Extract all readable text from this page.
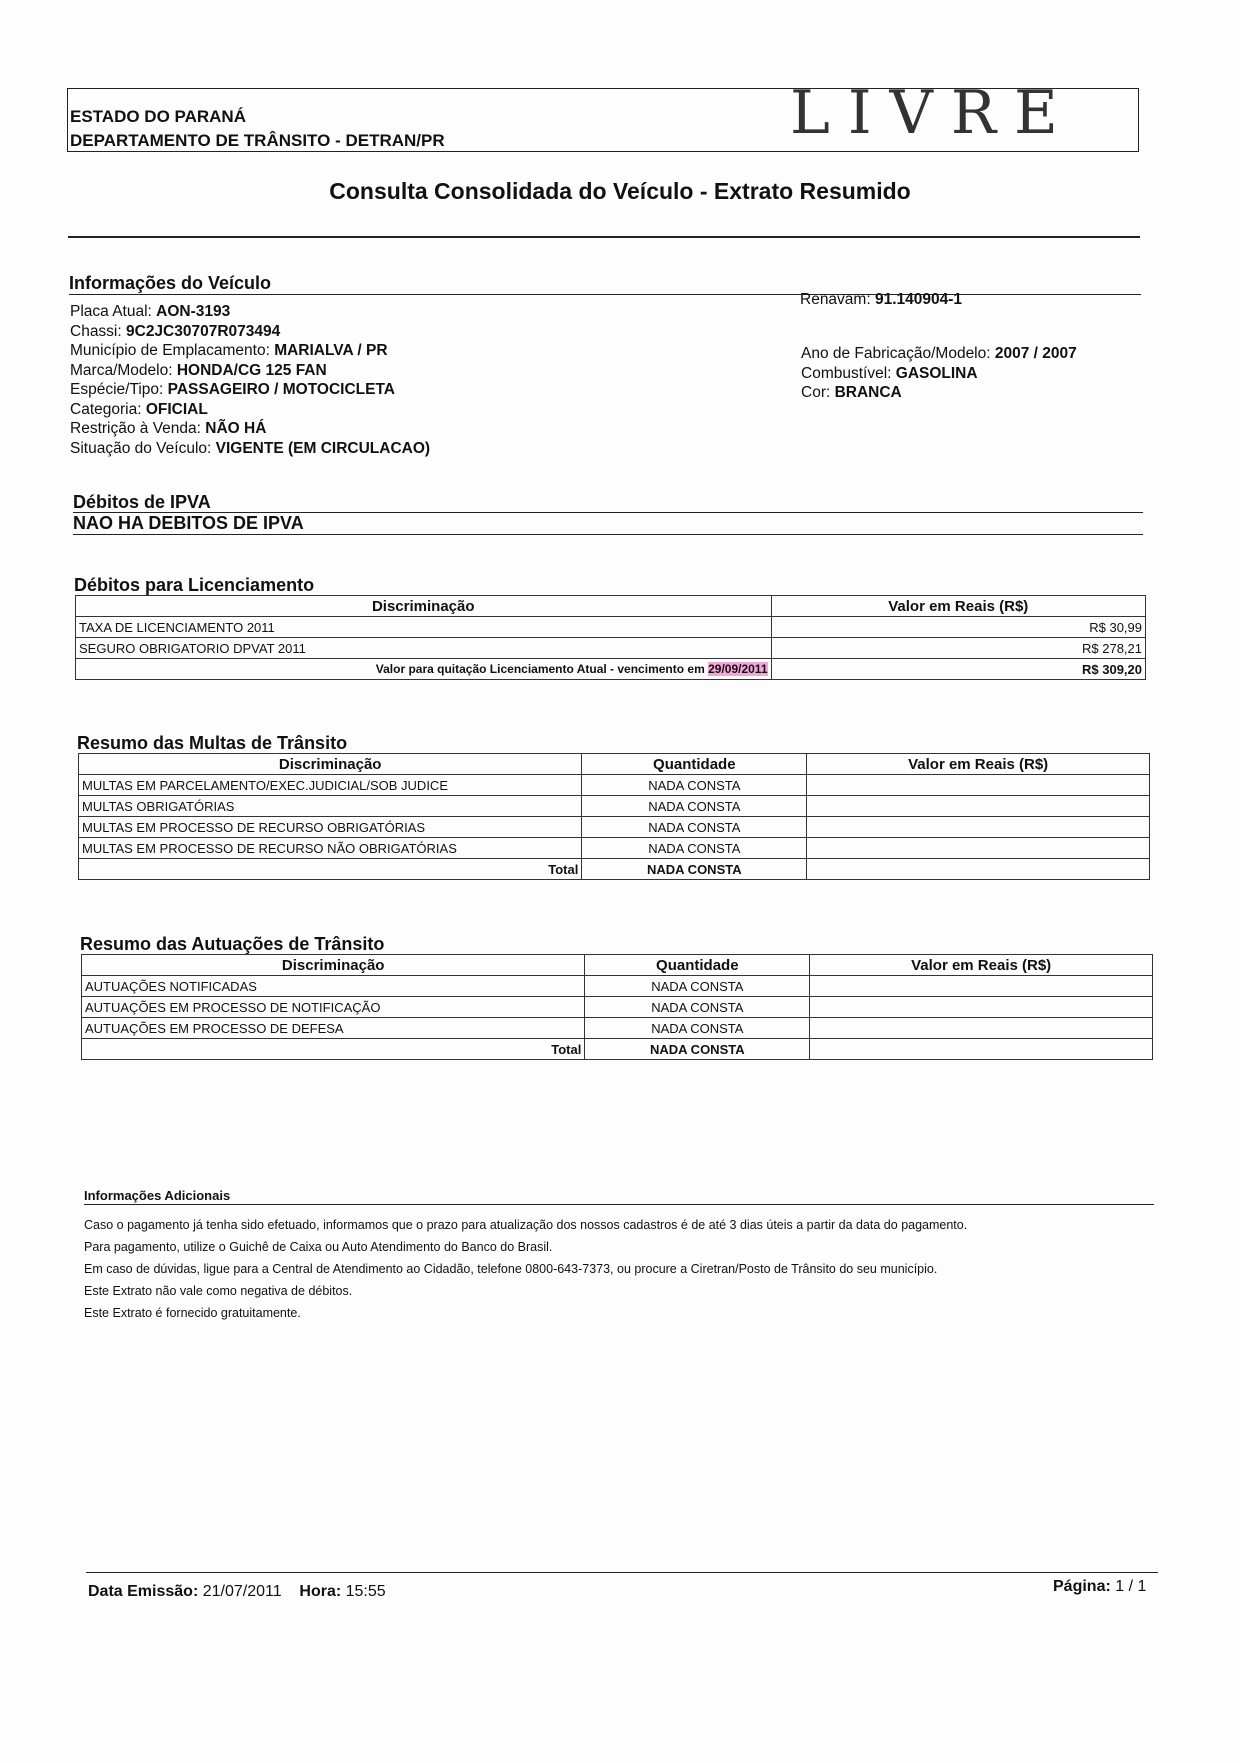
ESTADO DO PARANÁ
DEPARTAMENTO DE TRÂNSITO - DETRAN/PR	LIVRE
Consulta Consolidada do Veículo - Extrato Resumido
Informações do Veículo
Placa Atual: AON-3193
Chassi: 9C2JC30707R073494
Município de Emplacamento: MARIALVA / PR
Marca/Modelo: HONDA/CG 125 FAN
Espécie/Tipo: PASSAGEIRO / MOTOCICLETA
Categoria: OFICIAL
Restrição à Venda: NÃO HÁ
Situação do Veículo: VIGENTE (EM CIRCULACAO)
Renavam: 91.140904-1
Ano de Fabricação/Modelo: 2007 / 2007
Combustível: GASOLINA
Cor: BRANCA
Débitos de IPVA
NAO HA DEBITOS DE IPVA
Débitos para Licenciamento
Discriminação	Valor em Reais (R$)
TAXA DE LICENCIAMENTO 2011	R$ 30,99
SEGURO OBRIGATORIO DPVAT 2011	R$ 278,21
Valor para quitação Licenciamento Atual - vencimento em 29/09/2011	R$ 309,20
Resumo das Multas de Trânsito
Discriminação	Quantidade	Valor em Reais (R$)
MULTAS EM PARCELAMENTO/EXEC.JUDICIAL/SOB JUDICE	NADA CONSTA	
MULTAS OBRIGATÓRIAS	NADA CONSTA	
MULTAS EM PROCESSO DE RECURSO OBRIGATÓRIAS	NADA CONSTA	
MULTAS EM PROCESSO DE RECURSO NÃO OBRIGATÓRIAS	NADA CONSTA	
Total	NADA CONSTA	
Resumo das Autuações de Trânsito
Discriminação	Quantidade	Valor em Reais (R$)
AUTUAÇÕES NOTIFICADAS	NADA CONSTA	
AUTUAÇÕES EM PROCESSO DE NOTIFICAÇÃO	NADA CONSTA	
AUTUAÇÕES EM PROCESSO DE DEFESA	NADA CONSTA	
Total	NADA CONSTA	
Informações Adicionais
Caso o pagamento já tenha sido efetuado, informamos que o prazo para atualização dos nossos cadastros é de até 3 dias úteis a partir da data do pagamento.
Para pagamento, utilize o Guichê de Caixa ou Auto Atendimento do Banco do Brasil.
Em caso de dúvidas, ligue para a Central de Atendimento ao Cidadão, telefone 0800-643-7373, ou procure a Ciretran/Posto de Trânsito do seu município.
Este Extrato não vale como negativa de débitos.
Este Extrato é fornecido gratuitamente.
Data Emissão: 21/07/2011 Hora: 15:55	Página: 1 / 1
